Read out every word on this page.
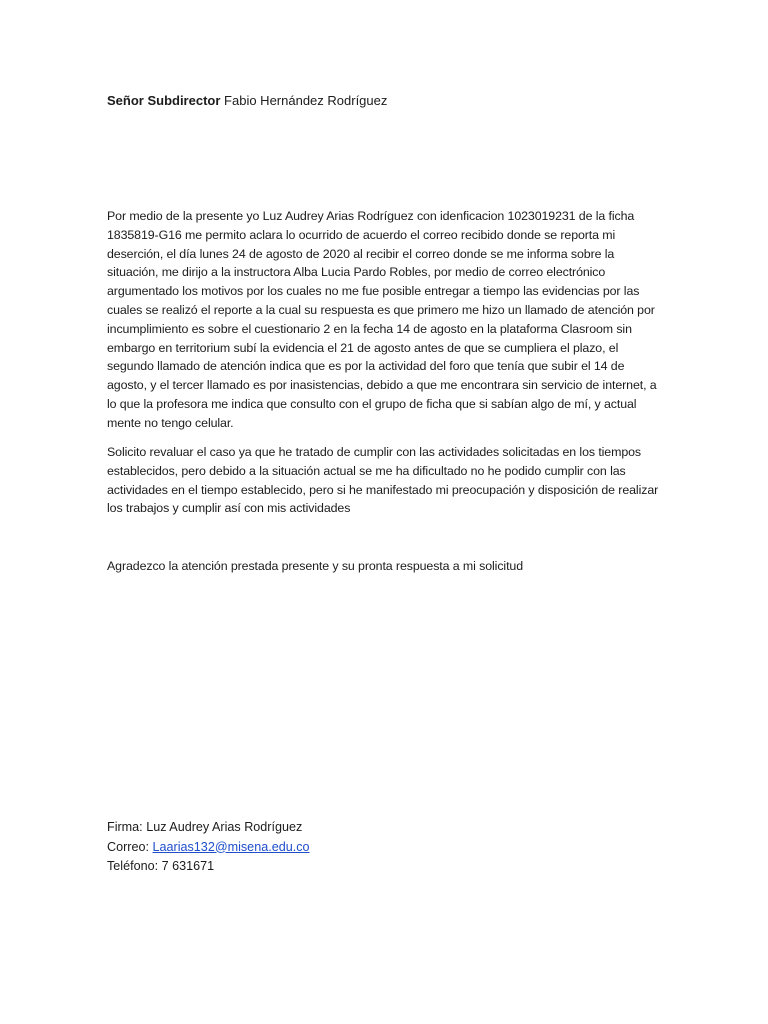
Señor Subdirector Fabio Hernández Rodríguez

Por medio de la presente yo Luz Audrey Arias Rodríguez con idenficacion 1023019231 de la ficha 1835819-G16 me permito aclara lo ocurrido de acuerdo el correo recibido donde se reporta mi deserción, el día lunes 24 de agosto de 2020 al recibir el correo donde se me informa sobre la situación, me dirijo a la instructora Alba Lucia Pardo Robles, por medio de correo electrónico argumentado los motivos por los cuales no me fue posible entregar a tiempo las evidencias por las cuales se realizó el reporte a la cual su respuesta es que primero me hizo un llamado de atención por incumplimiento es sobre el cuestionario 2 en la fecha 14 de agosto en la plataforma Clasroom sin embargo en territorium subí la evidencia el 21 de agosto antes de que se cumpliera el plazo, el segundo llamado de atención indica que es por la actividad del foro que tenía que subir el 14 de agosto, y el tercer llamado es por inasistencias, debido a que me encontrara sin servicio de internet, a lo que la profesora me indica que consulto con el grupo de ficha que si sabían algo de mí, y actual mente no tengo celular.

Solicito revaluar el caso ya que he tratado de cumplir con las actividades solicitadas en los tiempos establecidos, pero debido a la situación actual se me ha dificultado no he podido cumplir con las actividades en el tiempo establecido, pero si he manifestado mi preocupación y disposición de realizar los trabajos y cumplir así con mis actividades

Agradezco la atención prestada presente y su pronta respuesta a mi solicitud

Firma: Luz Audrey Arias Rodríguez
Correo: Laarias132@misena.edu.co
Teléfono: 7 631671
